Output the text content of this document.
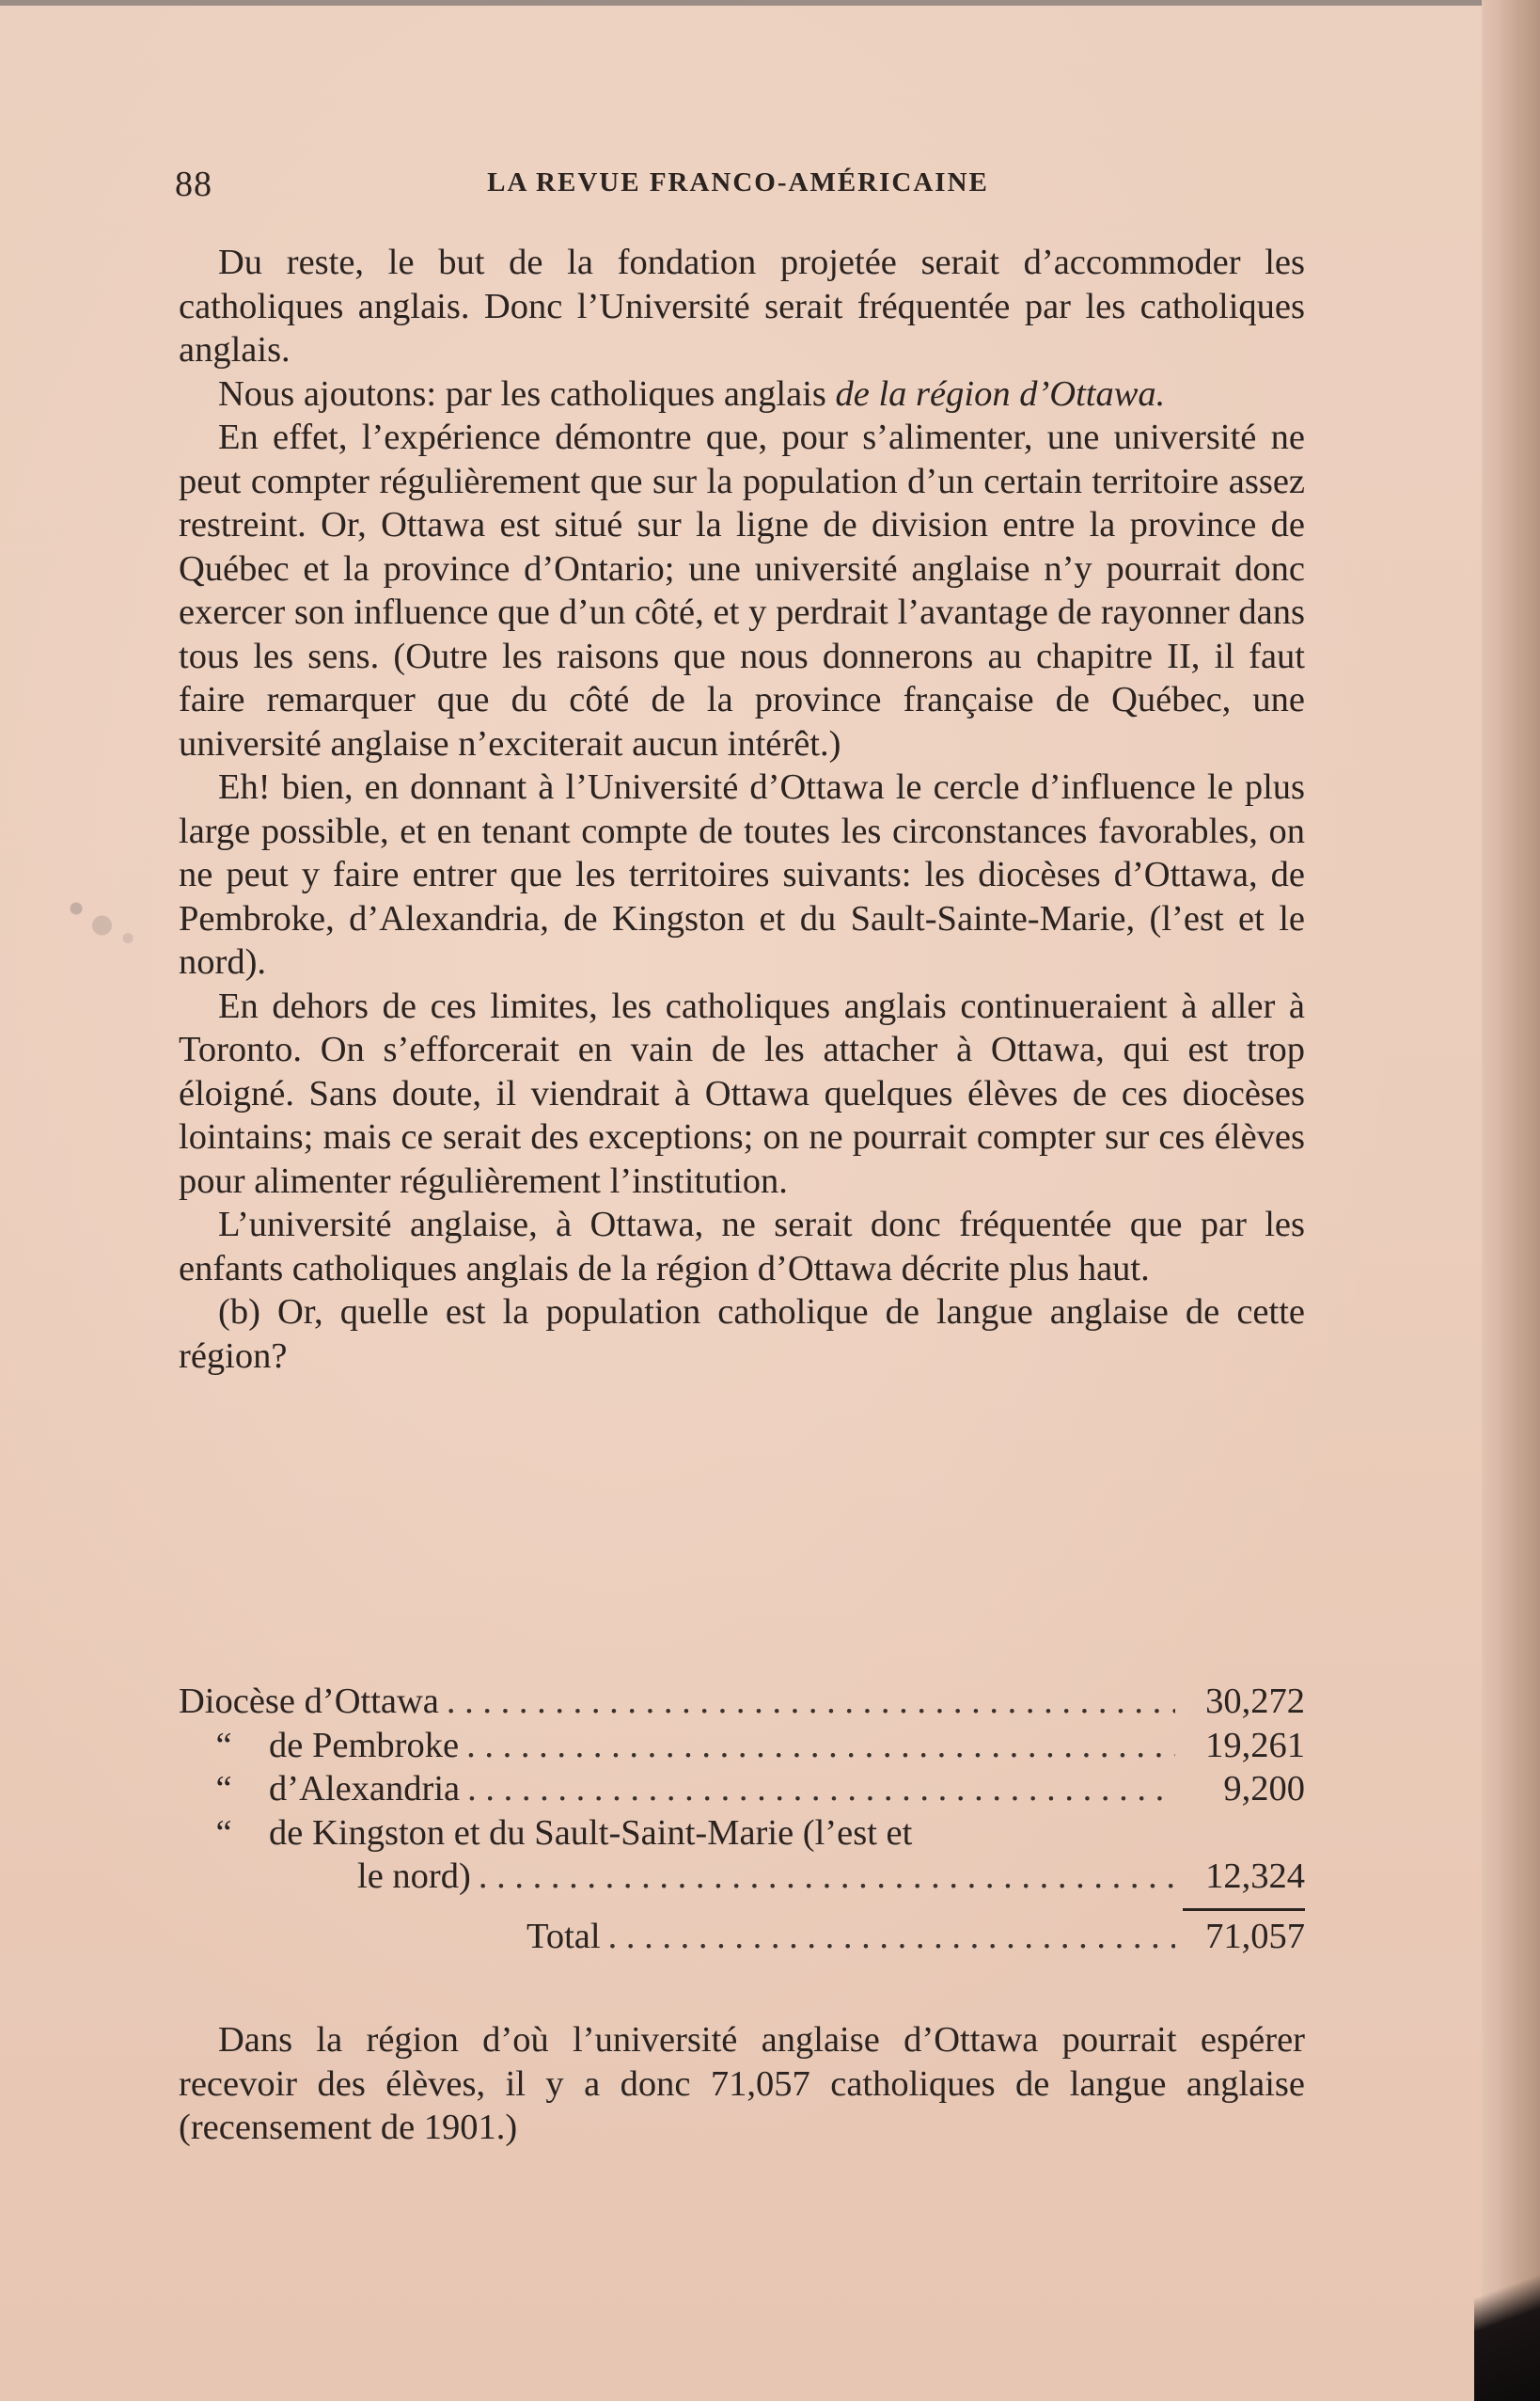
88	LA REVUE FRANCO-AMÉRICAINE

Du reste, le but de la fondation projetée serait d’accommoder les catholiques anglais. Donc l’Université serait fréquentée par les catholiques anglais.

Nous ajoutons: par les catholiques anglais de la région d’Ottawa.

En effet, l’expérience démontre que, pour s’alimenter, une université ne peut compter régulièrement que sur la population d’un certain territoire assez restreint. Or, Ottawa est situé sur la ligne de division entre la province de Québec et la province d’Ontario; une université anglaise n’y pourrait donc exercer son influence que d’un côté, et y perdrait l’avantage de rayonner dans tous les sens. (Outre les raisons que nous donnerons au chapitre II, il faut faire remarquer que du côté de la province française de Québec, une université anglaise n’exciterait aucun intérêt.)

Eh! bien, en donnant à l’Université d’Ottawa le cercle d’influence le plus large possible, et en tenant compte de toutes les circonstances favorables, on ne peut y faire entrer que les territoires suivants: les diocèses d’Ottawa, de Pembroke, d’Alexandria, de Kingston et du Sault-Sainte-Marie, (l’est et le nord).

En dehors de ces limites, les catholiques anglais continueraient à aller à Toronto. On s’efforcerait en vain de les attacher à Ottawa, qui est trop éloigné. Sans doute, il viendrait à Ottawa quelques élèves de ces diocèses lointains; mais ce serait des exceptions; on ne pourrait compter sur ces élèves pour alimenter régulièrement l’institution.

L’université anglaise, à Ottawa, ne serait donc fréquentée que par les enfants catholiques anglais de la région d’Ottawa décrite plus haut.

(b) Or, quelle est la population catholique de langue anglaise de cette région?

Diocèse d’Ottawa . . .	30,272
“	de Pembroke . . .	19,261
“	d’Alexandria . . .	9,200
“	de Kingston et du Sault-Saint-Marie (l’est et
le nord) . . .	12,324
Total . . .	71,057

Dans la région d’où l’université anglaise d’Ottawa pourrait espérer recevoir des élèves, il y a donc 71,057 catholiques de langue anglaise (recensement de 1901.)
